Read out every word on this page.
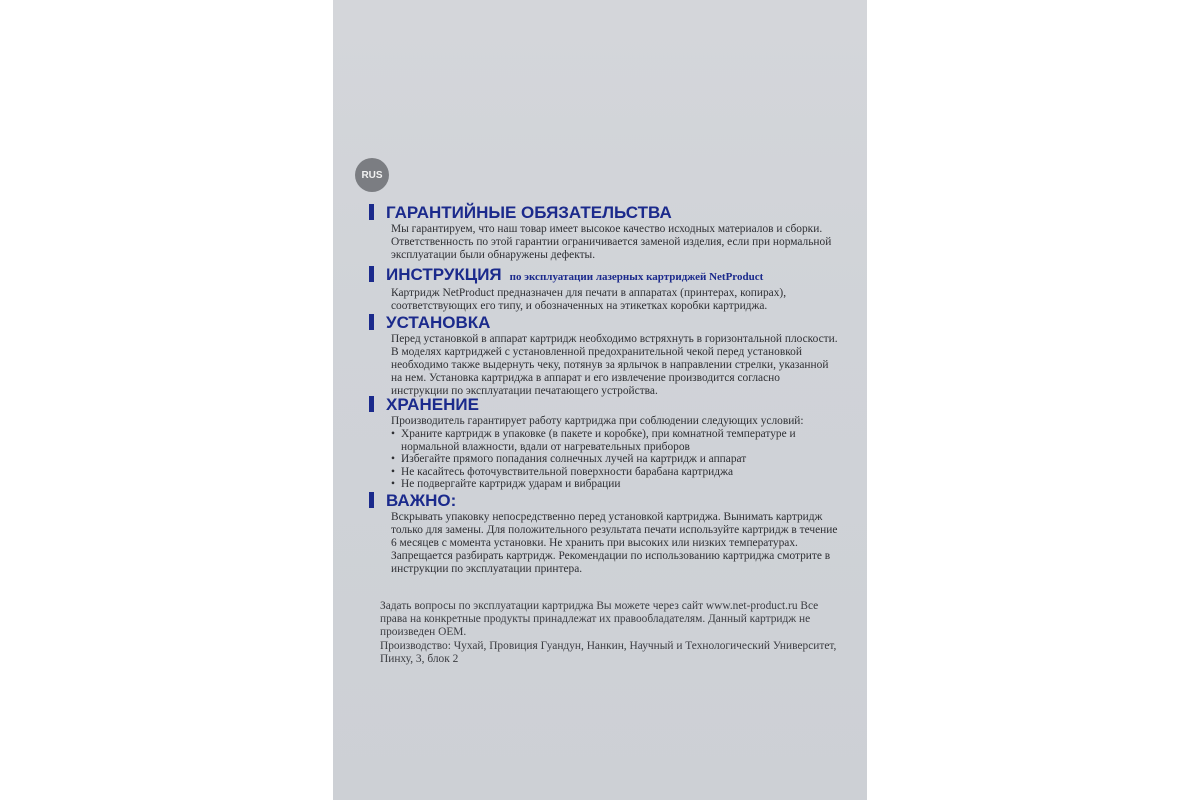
RUS
ГАРАНТИЙНЫЕ ОБЯЗАТЕЛЬСТВА

Мы гарантируем, что наш товар имеет высокое качество исходных материалов и сборки. Ответственность по этой гарантии ограничивается заменой изделия, если при нормальной эксплуатации были обнаружены дефекты.

ИНСТРУКЦИЯ по эксплуатации лазерных картриджей NetProduct

Картридж NetProduct предназначен для печати в аппаратах (принтерах, копирах), соответствующих его типу, и обозначенных на этикетках коробки картриджа.

УСТАНОВКА

Перед установкой в аппарат картридж необходимо встряхнуть в горизонтальной плоскости. В моделях картриджей с установленной предохранительной чекой перед установкой необходимо также выдернуть чеку, потянув за ярлычок в направлении стрелки, указанной на нем. Установка картриджа в аппарат и его извлечение производится согласно инструкции по эксплуатации печатающего устройства.

ХРАНЕНИЕ

Производитель гарантирует работу картриджа при соблюдении следующих условий:

• Храните картридж в упаковке (в пакете и коробке), при комнатной температуре и нормальной влажности, вдали от нагревательных приборов
• Избегайте прямого попадания солнечных лучей на картридж и аппарат
• Не касайтесь фоточувствительной поверхности барабана картриджа
• Не подвергайте картридж ударам и вибрации
ВАЖНО:

Вскрывать упаковку непосредственно перед установкой картриджа. Вынимать картридж только для замены. Для положительного результата печати используйте картридж в течение 6 месяцев с момента установки. Не хранить при высоких или низких температурах. Запрещается разбирать картридж. Рекомендации по использованию картриджа смотрите в инструкции по эксплуатации принтера.

Задать вопросы по эксплуатации картриджа Вы можете через сайт www.net-product.ru Все права на конкретные продукты принадлежат их правообладателям. Данный картридж не произведен OEM.

Производство: Чухай, Провиция Гуандун, Нанкин, Научный и Технологический Университет, Пинху, 3, блок 2
